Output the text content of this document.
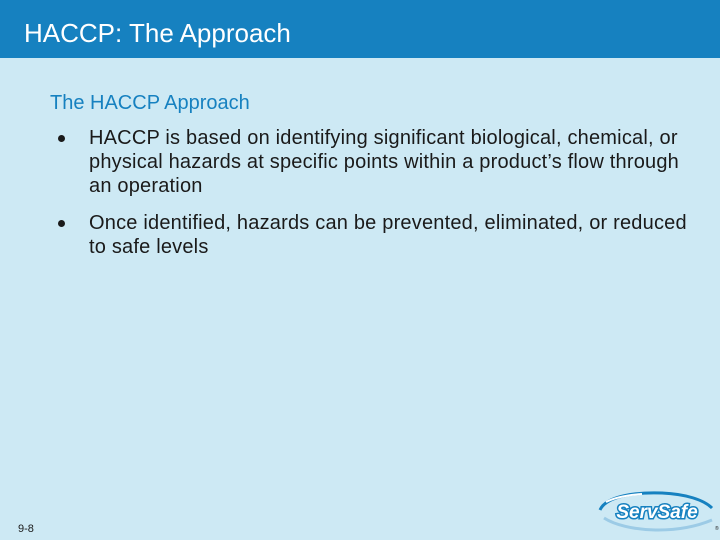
HACCP: The Approach
The HACCP Approach
HACCP is based on identifying significant biological, chemical, or physical hazards at specific points within a product’s flow through an operation
Once identified, hazards can be prevented, eliminated, or reduced to safe levels
9-8
ServSafe
®
